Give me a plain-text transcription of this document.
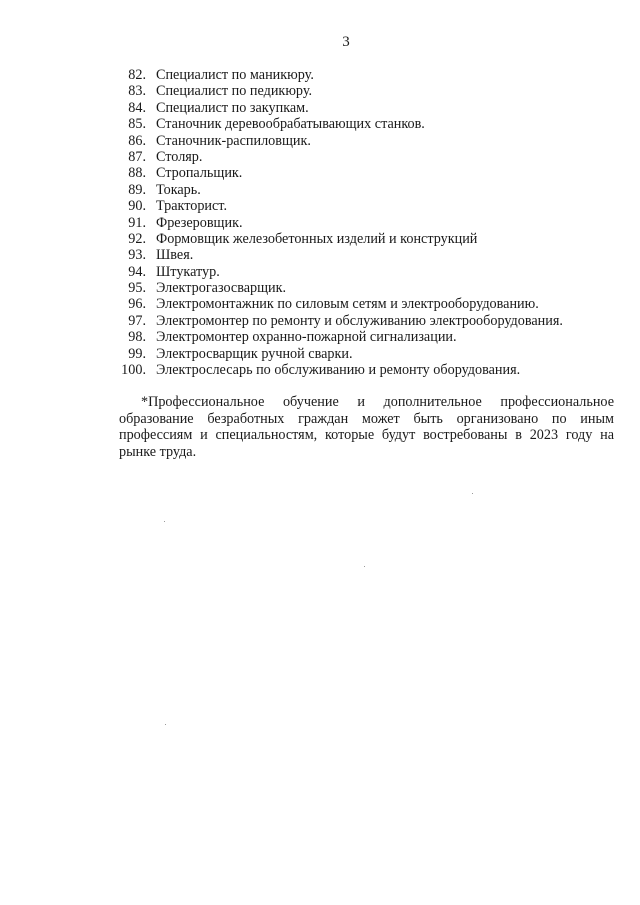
3
82. Специалист по маникюру.
83. Специалист по педикюру.
84. Специалист по закупкам.
85. Станочник деревообрабатывающих станков.
86. Станочник-распиловщик.
87. Столяр.
88. Стропальщик.
89. Токарь.
90. Тракторист.
91. Фрезеровщик.
92. Формовщик железобетонных изделий и конструкций
93. Швея.
94. Штукатур.
95. Электрогазосварщик.
96. Электромонтажник по силовым сетям и электрооборудованию.
97. Электромонтер по ремонту и обслуживанию электрооборудования.
98. Электромонтер охранно-пожарной сигнализации.
99. Электросварщик ручной сварки.
100. Электрослесарь по обслуживанию и ремонту оборудования.

*Профессиональное обучение и дополнительное профессиональное образование безработных граждан может быть организовано по иным профессиям и специальностям, которые будут востребованы в 2023 году на рынке труда.
